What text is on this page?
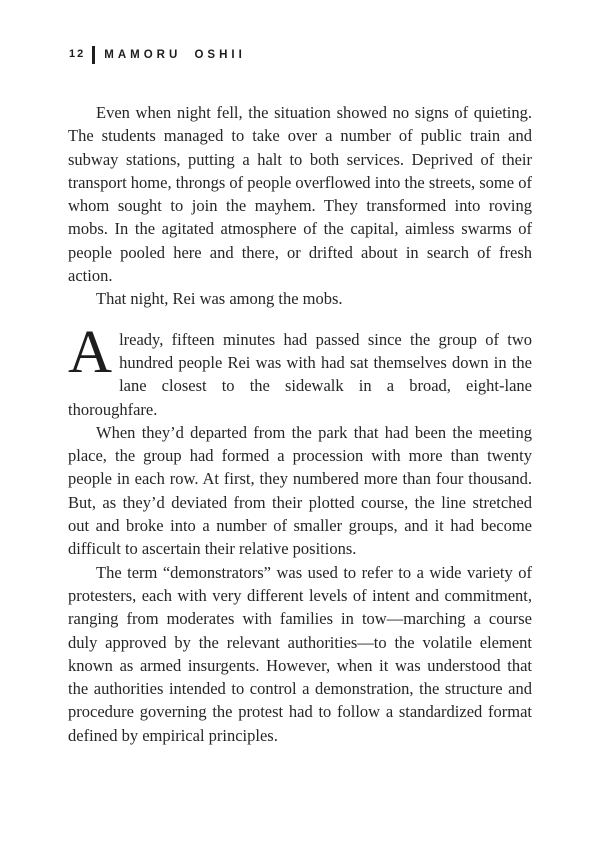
12 MAMORU OSHII
Even when night fell, the situation showed no signs of quieting. The students managed to take over a number of public train and subway stations, putting a halt to both services. Deprived of their transport home, throngs of people overflowed into the streets, some of whom sought to join the mayhem. They transformed into roving mobs. In the agitated atmosphere of the capital, aimless swarms of people pooled here and there, or drifted about in search of fresh action.
That night, Rei was among the mobs.
Already, fifteen minutes had passed since the group of two hundred people Rei was with had sat themselves down in the lane closest to the sidewalk in a broad, eight-lane thoroughfare.
When they’d departed from the park that had been the meeting place, the group had formed a procession with more than twenty people in each row. At first, they numbered more than four thousand. But, as they’d deviated from their plotted course, the line stretched out and broke into a number of smaller groups, and it had become difficult to ascertain their relative positions.
The term “demonstrators” was used to refer to a wide variety of protesters, each with very different levels of intent and commitment, ranging from moderates with families in tow—marching a course duly approved by the relevant authorities—to the volatile element known as armed insurgents. However, when it was understood that the authorities intended to control a demonstration, the structure and procedure governing the protest had to follow a standardized format defined by empirical principles.
